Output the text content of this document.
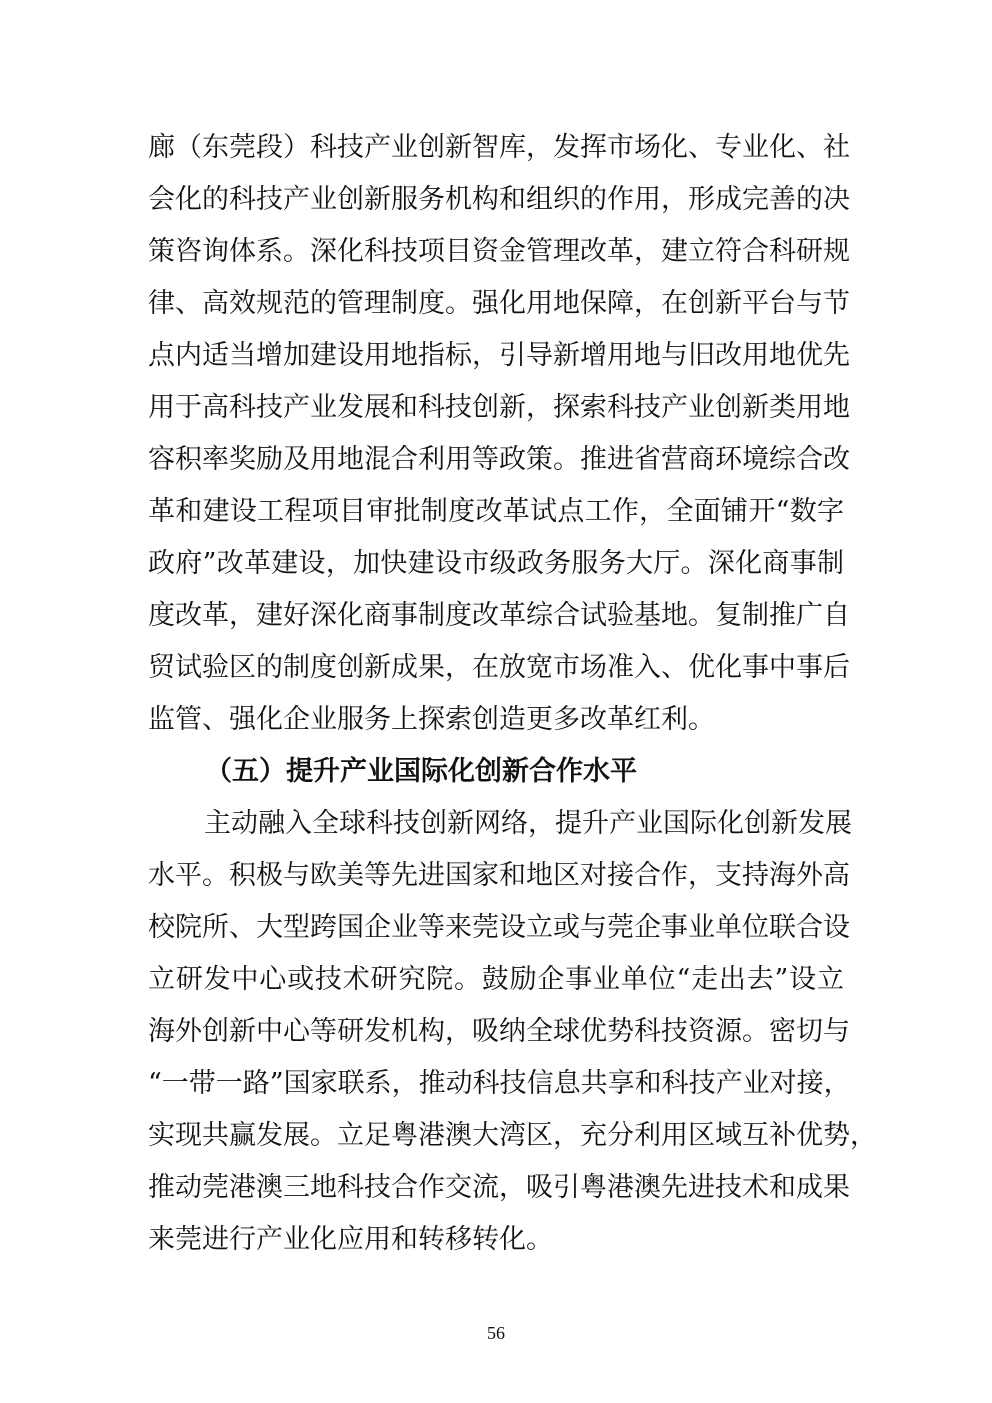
廊（东莞段）科技产业创新智库，发挥市场化、专业化、社
会化的科技产业创新服务机构和组织的作用，形成完善的决
策咨询体系。深化科技项目资金管理改革，建立符合科研规
律、高效规范的管理制度。强化用地保障，在创新平台与节
点内适当增加建设用地指标，引导新增用地与旧改用地优先
用于高科技产业发展和科技创新，探索科技产业创新类用地
容积率奖励及用地混合利用等政策。推进省营商环境综合改
革和建设工程项目审批制度改革试点工作，全面铺开“数字
政府”改革建设，加快建设市级政务服务大厅。深化商事制
度改革，建好深化商事制度改革综合试验基地。复制推广自
贸试验区的制度创新成果，在放宽市场准入、优化事中事后
监管、强化企业服务上探索创造更多改革红利。
（五）提升产业国际化创新合作水平
主动融入全球科技创新网络，提升产业国际化创新发展
水平。积极与欧美等先进国家和地区对接合作，支持海外高
校院所、大型跨国企业等来莞设立或与莞企事业单位联合设
立研发中心或技术研究院。鼓励企事业单位“走出去”设立
海外创新中心等研发机构，吸纳全球优势科技资源。密切与
“一带一路”国家联系，推动科技信息共享和科技产业对接，
实现共赢发展。立足粤港澳大湾区，充分利用区域互补优势，
推动莞港澳三地科技合作交流，吸引粤港澳先进技术和成果
来莞进行产业化应用和转移转化。
56
